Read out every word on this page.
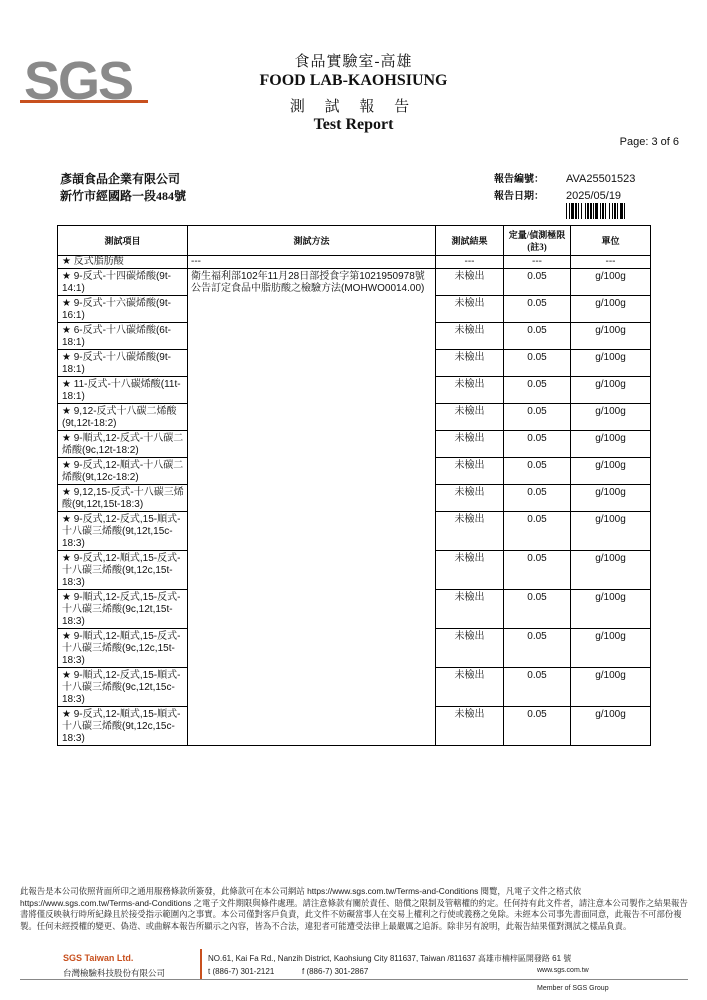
SGS	食品實驗室-高雄
FOOD LAB-KAOHSIUNG
測 試 報 告
Test Report
Page: 3 of 6
彥頡食品企業有限公司
新竹市經國路一段484號
報告編號： AVA25501523
報告日期： 2025/05/19
測試項目	測試方法	測試結果	定量/偵測極限(註3)	單位
★ 反式脂肪酸	---	---	---	---
★ 9-反式-十四碳烯酸(9t-14:1)	衛生福利部102年11月28日部授食字第1021950978號公告訂定食品中脂肪酸之檢驗方法(MOHWO0014.00)	未檢出	0.05	g/100g
★ 9-反式-十六碳烯酸(9t-16:1)		未檢出	0.05	g/100g
★ 6-反式-十八碳烯酸(6t-18:1)		未檢出	0.05	g/100g
★ 9-反式-十八碳烯酸(9t-18:1)		未檢出	0.05	g/100g
★ 11-反式-十八碳烯酸(11t-18:1)		未檢出	0.05	g/100g
★ 9,12-反式十八碳二烯酸(9t,12t-18:2)		未檢出	0.05	g/100g
★ 9-順式,12-反式-十八碳二烯酸(9c,12t-18:2)		未檢出	0.05	g/100g
★ 9-反式,12-順式-十八碳二烯酸(9t,12c-18:2)		未檢出	0.05	g/100g
★ 9,12,15-反式-十八碳三烯酸(9t,12t,15t-18:3)		未檢出	0.05	g/100g
★ 9-反式,12-反式,15-順式-十八碳三烯酸(9t,12t,15c-18:3)		未檢出	0.05	g/100g
★ 9-反式,12-順式,15-反式-十八碳三烯酸(9t,12c,15t-18:3)		未檢出	0.05	g/100g
★ 9-順式,12-反式,15-反式-十八碳三烯酸(9c,12t,15t-18:3)		未檢出	0.05	g/100g
★ 9-順式,12-順式,15-反式-十八碳三烯酸(9c,12c,15t-18:3)		未檢出	0.05	g/100g
★ 9-順式,12-反式,15-順式-十八碳三烯酸(9c,12t,15c-18:3)		未檢出	0.05	g/100g
★ 9-反式,12-順式,15-順式-十八碳三烯酸(9t,12c,15c-18:3)		未檢出	0.05	g/100g
此報告是本公司依照背面所印之通用服務條款所簽發，此條款可在本公司網站 https://www.sgs.com.tw/Terms-and-Conditions 閱覽，凡電子文件之格式依 https://www.sgs.com.tw/Terms-and-Conditions 之電子文件期限與條件處理。請注意條款有關於責任、賠償之限制及管轄權的約定。任何持有此文件者，請注意本公司製作之結果報告書將僅反映執行時所紀錄且於接受指示範圍內之事實。本公司僅對客戶負責，此文件不妨礙當事人在交易上權利之行使或義務之免除。未經本公司事先書面同意，此報告不可部份複製。任何未經授權的變更、偽造、或曲解本報告所顯示之內容，皆為不合法，違犯者可能遭受法律上最嚴厲之追訴。除非另有說明，此報告結果僅對測試之樣品負責。
SGS Taiwan Ltd.
台灣檢驗科技股份有限公司
NO.61, Kai Fa Rd., Nanzih District, Kaohsiung City 811637, Taiwan /811637 高雄市楠梓區開發路 61 號
t (886-7) 301-2121	f (886-7) 301-2867	www.sgs.com.tw
Member of SGS Group
